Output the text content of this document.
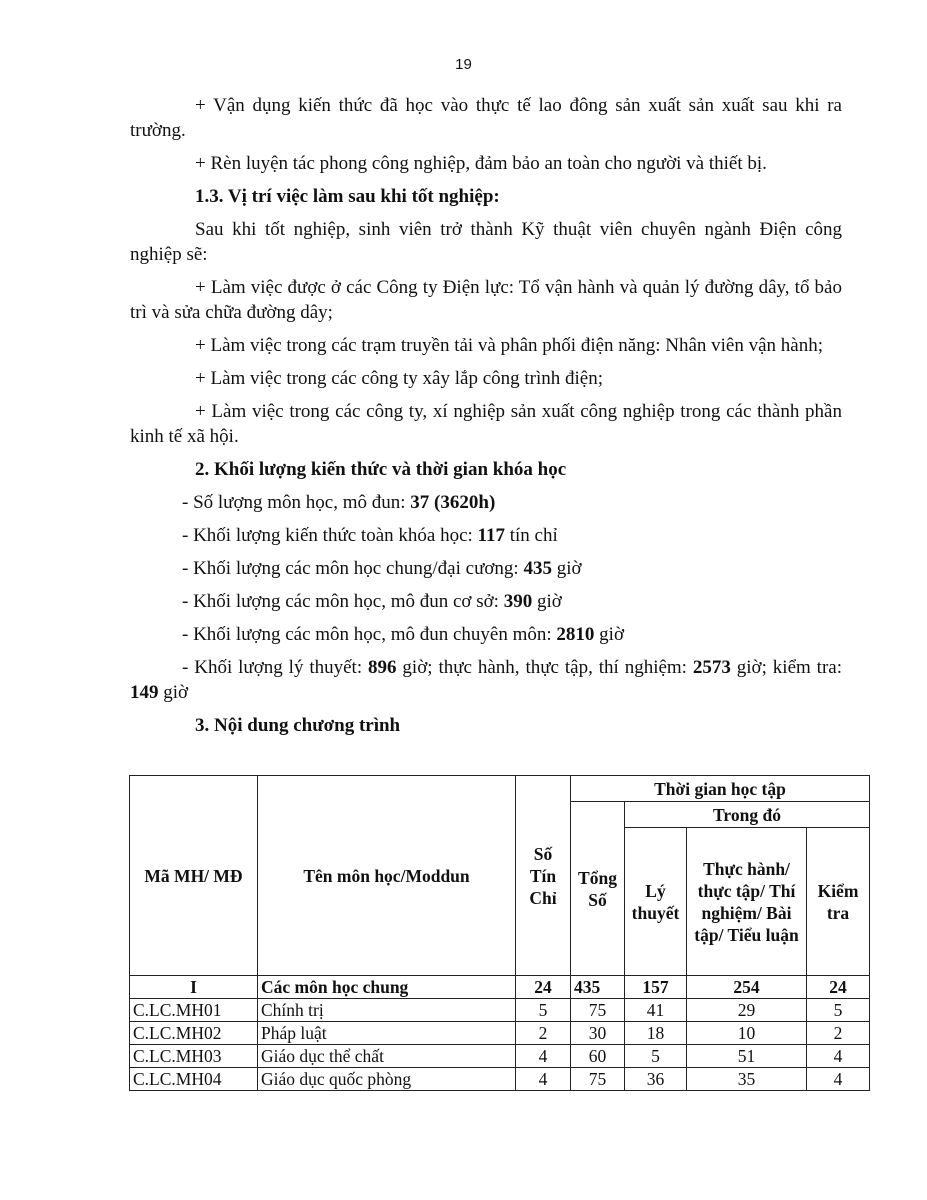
19

+ Vận dụng kiến thức đã học vào thực tế lao đông sản xuất sản xuất sau khi ra trường.

+ Rèn luyện tác phong công nghiệp, đảm bảo an toàn cho người và thiết bị.

1.3. Vị trí việc làm sau khi tốt nghiệp:

Sau khi tốt nghiệp, sinh viên trở thành Kỹ thuật viên chuyên ngành Điện công nghiệp sẽ:

+ Làm việc được ở các Công ty Điện lực: Tổ vận hành và quản lý đường dây, tổ bảo trì và sửa chữa đường dây;

+ Làm việc trong các trạm truyền tải và phân phối điện năng: Nhân viên vận hành;

+ Làm việc trong các công ty xây lắp công trình điện;

+ Làm việc trong các công ty, xí nghiệp sản xuất công nghiệp trong các thành phần kinh tế xã hội.

2. Khối lượng kiến thức và thời gian khóa học

- Số lượng môn học, mô đun: 37 (3620h)

- Khối lượng kiến thức toàn khóa học: 117 tín chỉ

- Khối lượng các môn học chung/đại cương: 435 giờ

- Khối lượng các môn học, mô đun cơ sở: 390 giờ

- Khối lượng các môn học, mô đun chuyên môn: 2810 giờ

- Khối lượng lý thuyết: 896 giờ; thực hành, thực tập, thí nghiệm: 2573 giờ; kiểm tra: 149 giờ

3. Nội dung chương trình

Mã MH/ MĐ	Tên môn học/Moddun	Số Tín Chỉ	Thời gian học tập			
			Tổng Số	Trong đó		
				Lý thuyết	Thực hành/ thực tập/ Thí nghiệm/ Bài tập/ Tiểu luận	Kiểm tra
I	Các môn học chung	24	435	157	254	24
C.LC.MH01	Chính trị	5	75	41	29	5
C.LC.MH02	Pháp luật	2	30	18	10	2
C.LC.MH03	Giáo dục thể chất	4	60	5	51	4
C.LC.MH04	Giáo dục quốc phòng	4	75	36	35	4
